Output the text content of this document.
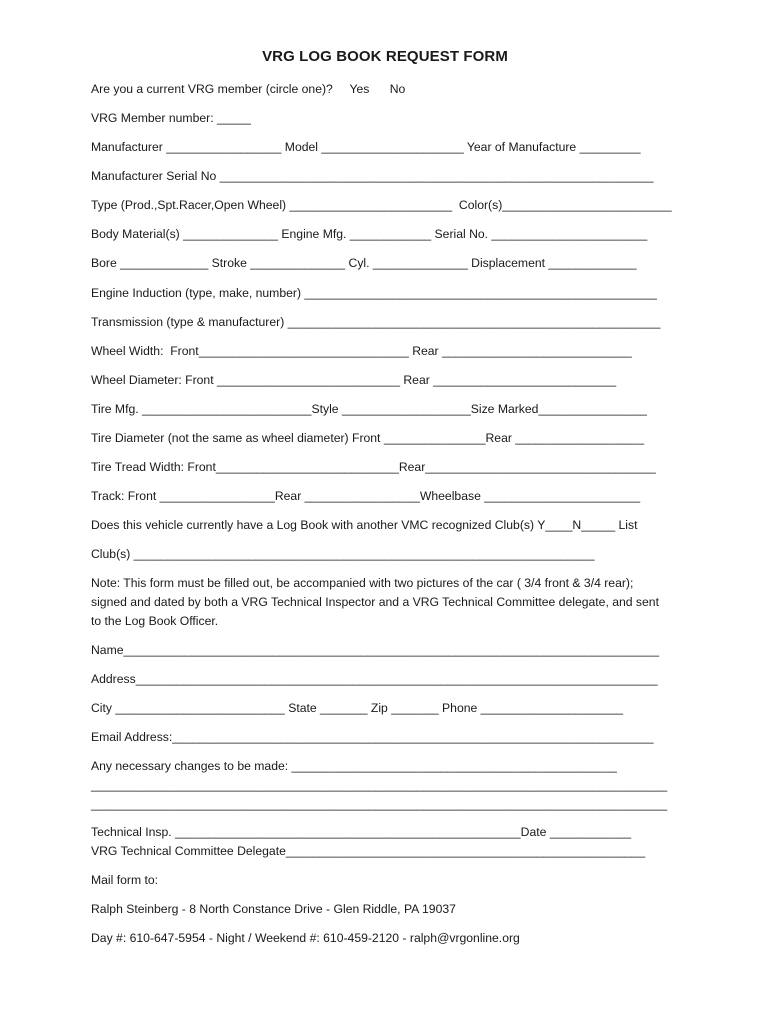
VRG LOG BOOK REQUEST FORM
Are you a current VRG member (circle one)?     Yes      No
VRG Member number: _____
Manufacturer _________________ Model _____________________ Year of Manufacture _________
Manufacturer Serial No ________________________________________________________________
Type (Prod.,Spt.Racer,Open Wheel) ________________________  Color(s)_________________________
Body Material(s) ______________ Engine Mfg. ____________ Serial No. _______________________
Bore _____________ Stroke ______________ Cyl. ______________ Displacement _____________
Engine Induction (type, make, number) ____________________________________________________
Transmission (type & manufacturer) _______________________________________________________
Wheel Width:  Front_______________________________ Rear ____________________________
Wheel Diameter: Front ___________________________ Rear ___________________________
Tire Mfg. _________________________Style ___________________Size Marked________________
Tire Diameter (not the same as wheel diameter) Front _______________Rear ___________________
Tire Tread Width: Front___________________________Rear__________________________________
Track: Front _________________Rear _________________Wheelbase _______________________
Does this vehicle currently have a Log Book with another VMC recognized Club(s) Y____N_____ List
Club(s) ____________________________________________________________________
Note: This form must be filled out, be accompanied with two pictures of the car ( 3/4 front & 3/4 rear);
signed and dated by both a VRG Technical Inspector and a VRG Technical Committee delegate, and sent
to the Log Book Officer.
Name_______________________________________________________________________________
Address_____________________________________________________________________________
City _________________________ State _______ Zip _______ Phone _____________________
Email Address:_______________________________________________________________________
Any necessary changes to be made: ________________________________________________
_____________________________________________________________________________________
_____________________________________________________________________________________
Technical Insp. ___________________________________________________Date ____________
VRG Technical Committee Delegate_____________________________________________________
Mail form to:
Ralph Steinberg - 8 North Constance Drive - Glen Riddle, PA 19037
Day #: 610-647-5954 - Night / Weekend #: 610-459-2120 - ralph@vrgonline.org
